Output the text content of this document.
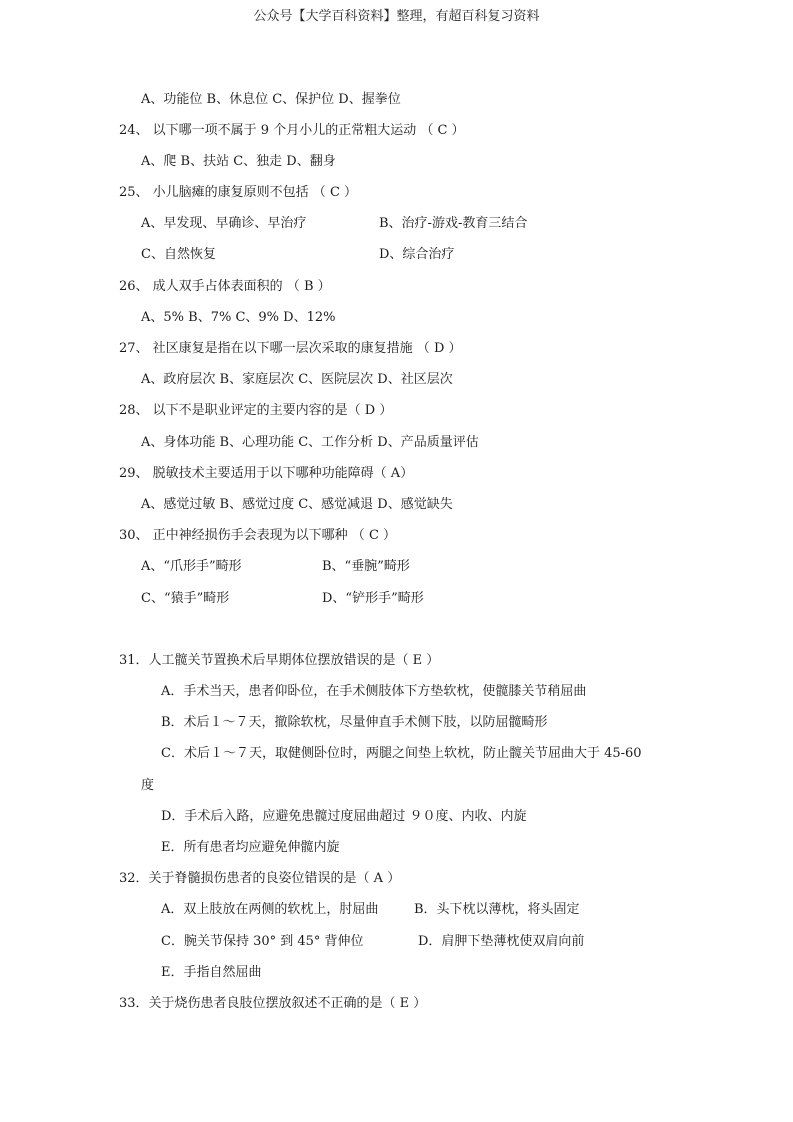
公众号【大学百科资料】整理，有超百科复习资料
A、功能位 B、休息位 C、保护位 D、握拳位
24、 以下哪一项不属于 9 个月小儿的正常粗大运动 （ C ）
A、爬 B、扶站 C、独走 D、翻身
25、 小儿脑瘫的康复原则不包括 （ C ）
A、早发现、早确诊、早治疗	B、治疗-游戏-教育三结合
C、自然恢复	D、综合治疗
26、 成人双手占体表面积的 （ B ）
A、5% B、7% C、9% D、12%
27、 社区康复是指在以下哪一层次采取的康复措施 （ D ）
A、政府层次 B、家庭层次 C、医院层次 D、社区层次
28、 以下不是职业评定的主要内容的是（ D ）
A、身体功能 B、心理功能 C、工作分析 D、产品质量评估
29、 脱敏技术主要适用于以下哪种功能障碍（ A）
A、感觉过敏 B、感觉过度 C、感觉减退 D、感觉缺失
30、 正中神经损伤手会表现为以下哪种 （ C ）
A、“爪形手”畸形	B、“垂腕”畸形
C、“猿手”畸形	D、“铲形手”畸形
31．人工髋关节置换术后早期体位摆放错误的是（ E ）
A．手术当天，患者仰卧位，在手术侧肢体下方垫软枕，使髋膝关节稍屈曲
B．术后１～７天，撤除软枕，尽量伸直手术侧下肢，以防屈髋畸形
C．术后１～７天，取健侧卧位时，两腿之间垫上软枕，防止髋关节屈曲大于 45-60
度
D．手术后入路，应避免患髋过度屈曲超过 ９０度、内收、内旋
E．所有患者均应避免伸髋内旋
32．关于脊髓损伤患者的良姿位错误的是（ A ）
A．双上肢放在两侧的软枕上，肘屈曲	B．头下枕以薄枕，将头固定
C．腕关节保持 30° 到 45° 背伸位	D．肩胛下垫薄枕使双肩向前
E．手指自然屈曲
33．关于烧伤患者良肢位摆放叙述不正确的是（ E ）
